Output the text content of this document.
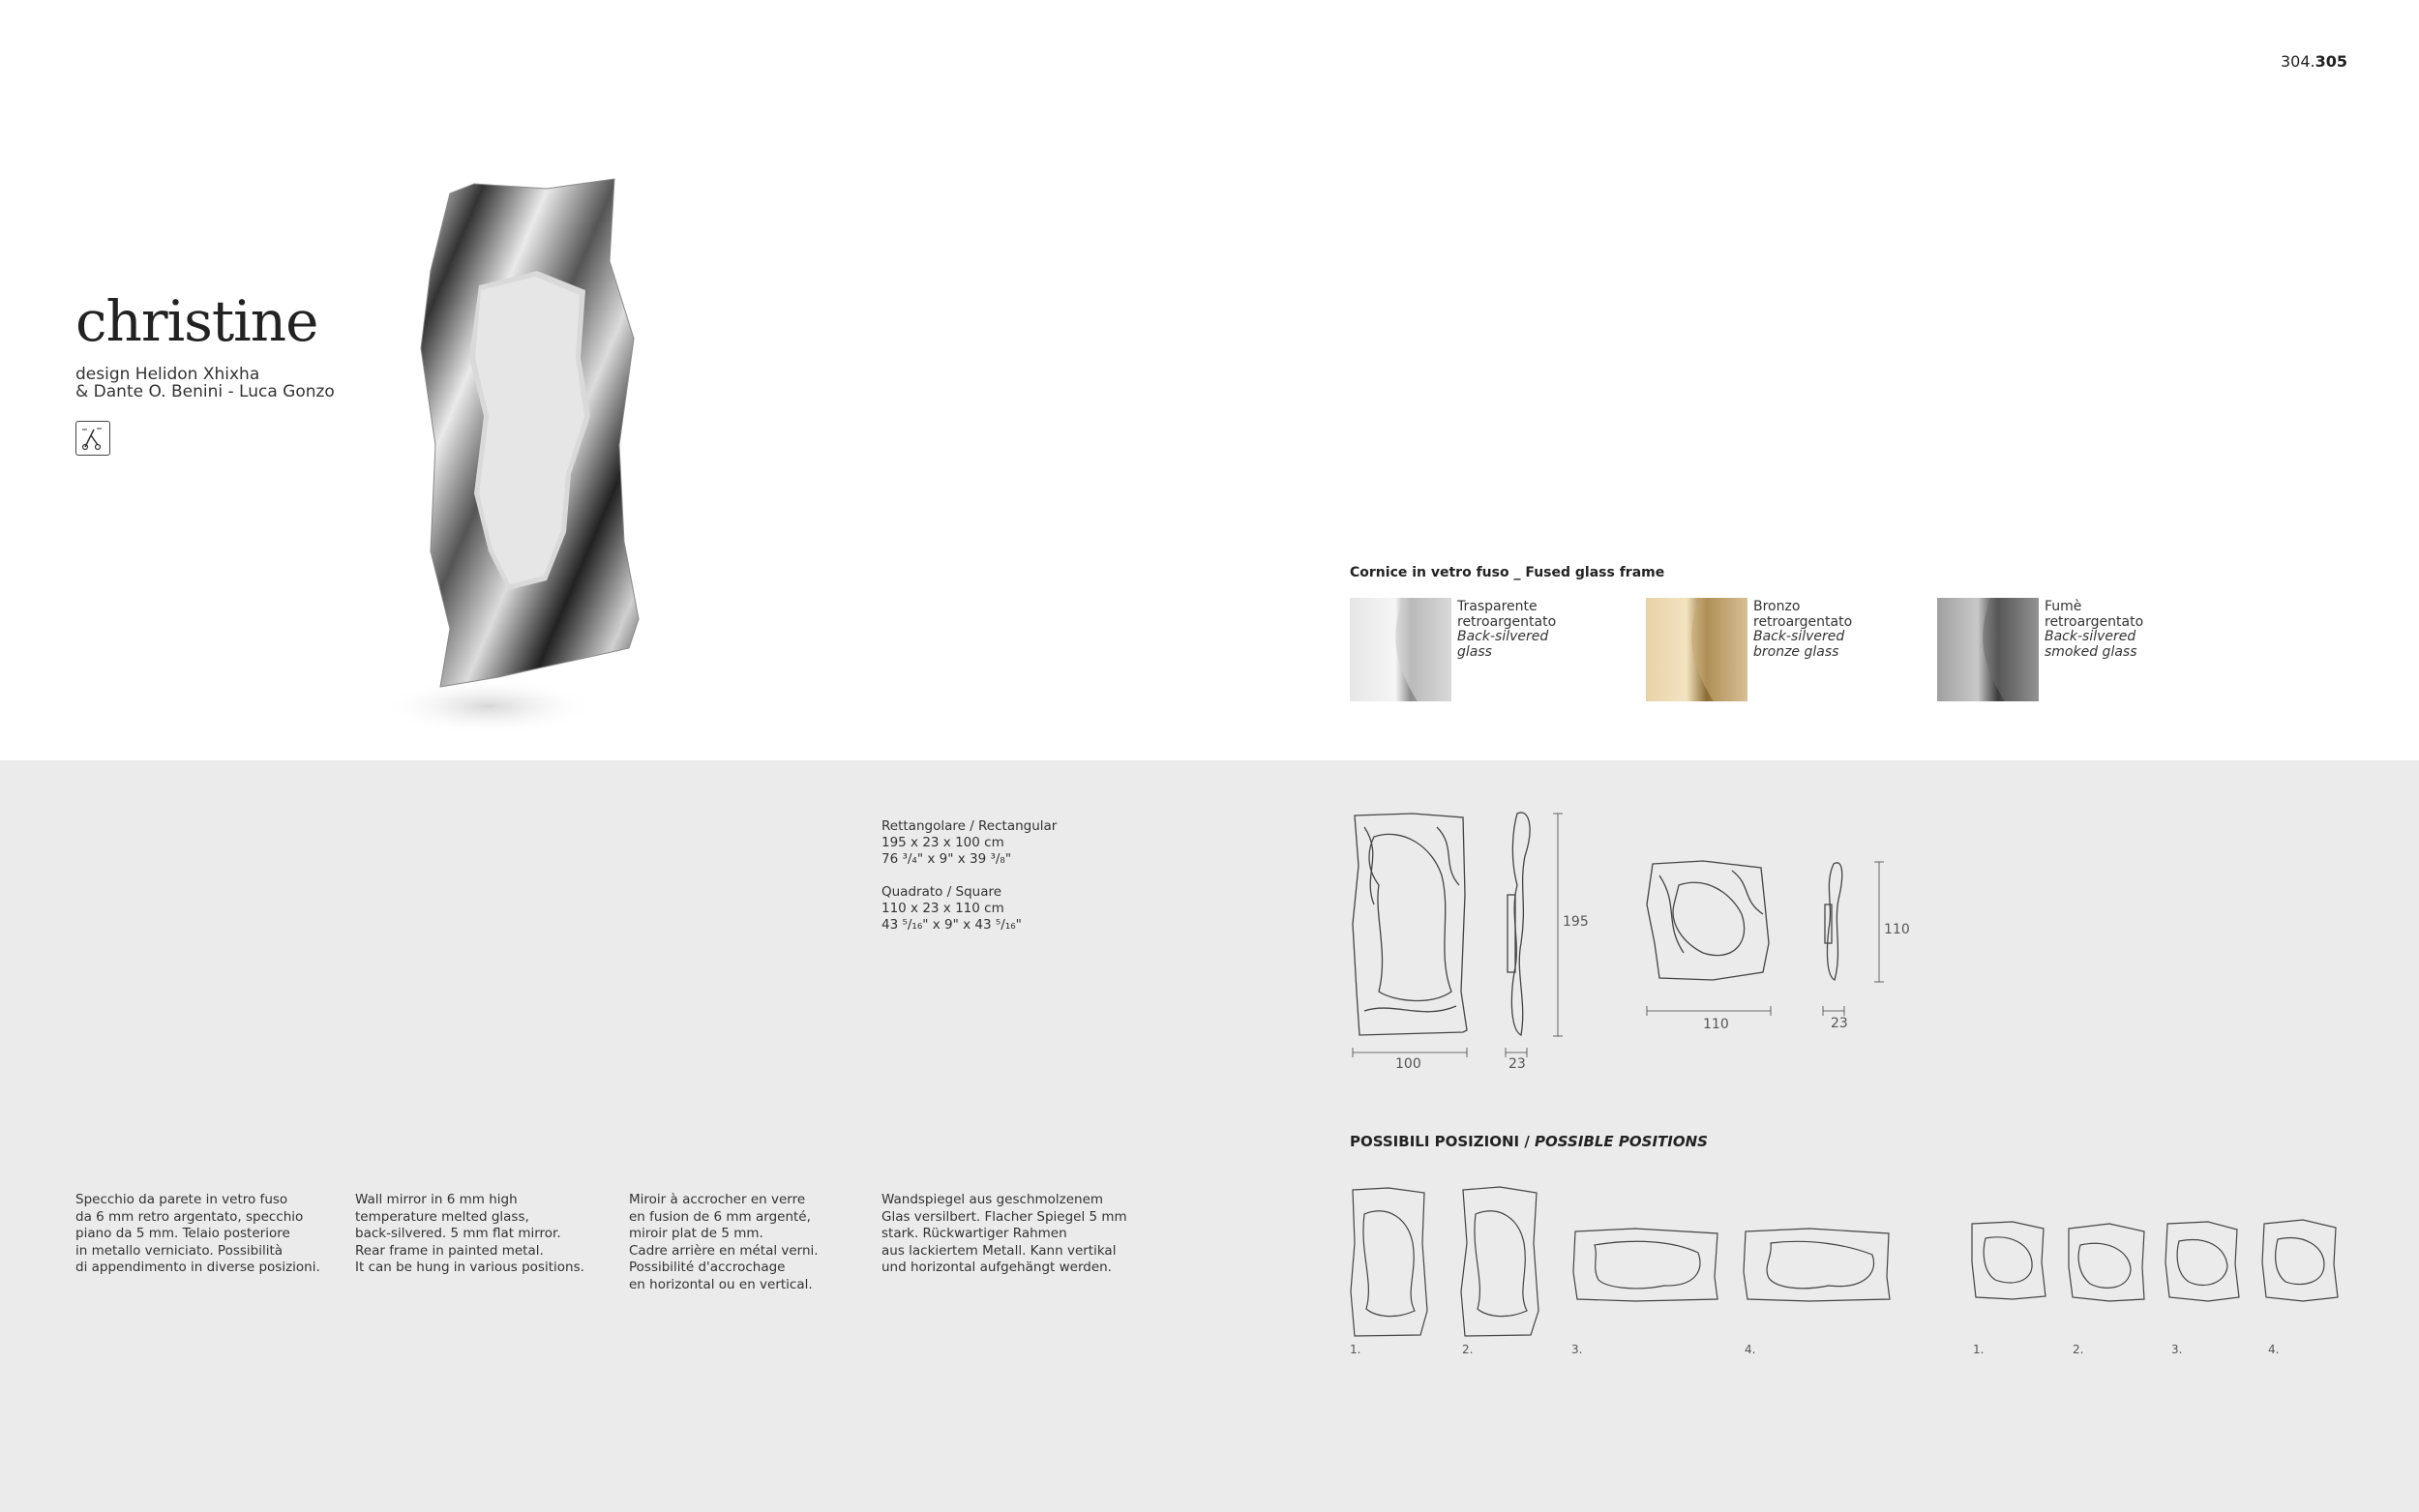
304.305
christine
design Helidon Xhixha
& Dante O. Benini - Luca Gonzo
Cornice in vetro fuso _ Fused glass frame
Trasparente
retroargentato
Back-silvered
glass
Bronzo
retroargentato
Back-silvered
bronze glass
Fumè
retroargentato
Back-silvered
smoked glass
Rettangolare / Rectangular
195 x 23 x 100 cm
76 ³/₄" x 9" x 39 ³/₈"
Quadrato / Square
110 x 23 x 110 cm
43 ⁵/₁₆" x 9" x 43 ⁵/₁₆"
100	23
195
110	23
110
POSSIBILI POSIZIONI / POSSIBLE POSITIONS
1.	2.	3.	4.	1.	2.	3.	4.
Specchio da parete in vetro fuso
da 6 mm retro argentato, specchio
piano da 5 mm. Telaio posteriore
in metallo verniciato. Possibilità
di appendimento in diverse posizioni.
Wall mirror in 6 mm high
temperature melted glass,
back-silvered. 5 mm flat mirror.
Rear frame in painted metal.
It can be hung in various positions.
Miroir à accrocher en verre
en fusion de 6 mm argenté,
miroir plat de 5 mm.
Cadre arrière en métal verni.
Possibilité d'accrochage
en horizontal ou en vertical.
Wandspiegel aus geschmolzenem
Glas versilbert. Flacher Spiegel 5 mm
stark. Rückwartiger Rahmen
aus lackiertem Metall. Kann vertikal
und horizontal aufgehängt werden.
